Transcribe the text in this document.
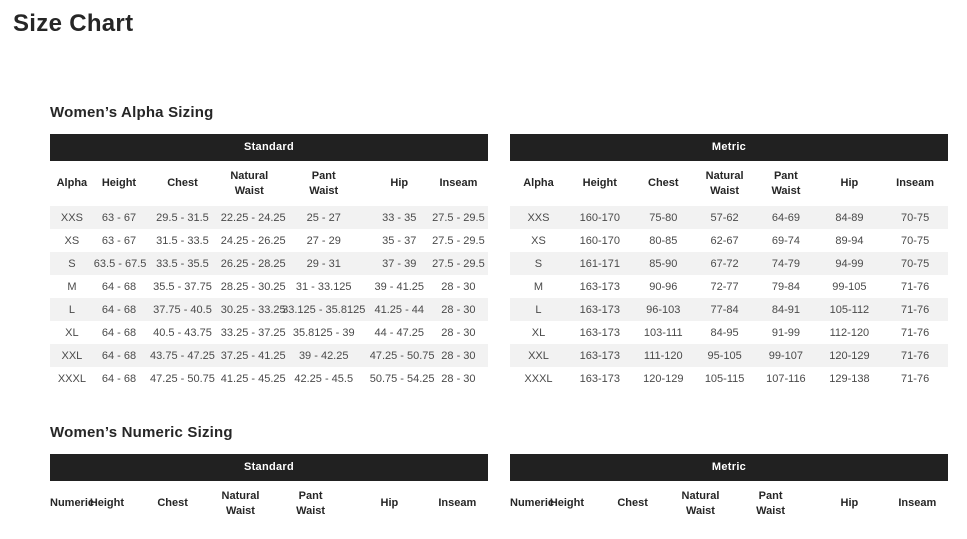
Size Chart
Women’s Alpha Sizing
Standard
Alpha	Height	Chest	Natural Waist	Pant Waist	Hip	Inseam
XXS	63 - 67	29.5 - 31.5	22.25 - 24.25	25 - 27	33 - 35	27.5 - 29.5
XS	63 - 67	31.5 - 33.5	24.25 - 26.25	27 - 29	35 - 37	27.5 - 29.5
S	63.5 - 67.5	33.5 - 35.5	26.25 - 28.25	29 - 31	37 - 39	27.5 - 29.5
M	64 - 68	35.5 - 37.75	28.25 - 30.25	31 - 33.125	39 - 41.25	28 - 30
L	64 - 68	37.75 - 40.5	30.25 - 33.25	33.125 - 35.8125	41.25 - 44	28 - 30
XL	64 - 68	40.5 - 43.75	33.25 - 37.25	35.8125 - 39	44 - 47.25	28 - 30
XXL	64 - 68	43.75 - 47.25	37.25 - 41.25	39 - 42.25	47.25 - 50.75	28 - 30
XXXL	64 - 68	47.25 - 50.75	41.25 - 45.25	42.25 - 45.5	50.75 - 54.25	28 - 30
Metric
Alpha	Height	Chest	Natural Waist	Pant Waist	Hip	Inseam
XXS	160-170	75-80	57-62	64-69	84-89	70-75
XS	160-170	80-85	62-67	69-74	89-94	70-75
S	161-171	85-90	67-72	74-79	94-99	70-75
M	163-173	90-96	72-77	79-84	99-105	71-76
L	163-173	96-103	77-84	84-91	105-112	71-76
XL	163-173	103-111	84-95	91-99	112-120	71-76
XXL	163-173	111-120	95-105	99-107	120-129	71-76
XXXL	163-173	120-129	105-115	107-116	129-138	71-76
Women’s Numeric Sizing
Standard
Numeric	Height	Chest	Natural Waist	Pant Waist	Hip	Inseam
Metric
Numeric	Height	Chest	Natural Waist	Pant Waist	Hip	Inseam
